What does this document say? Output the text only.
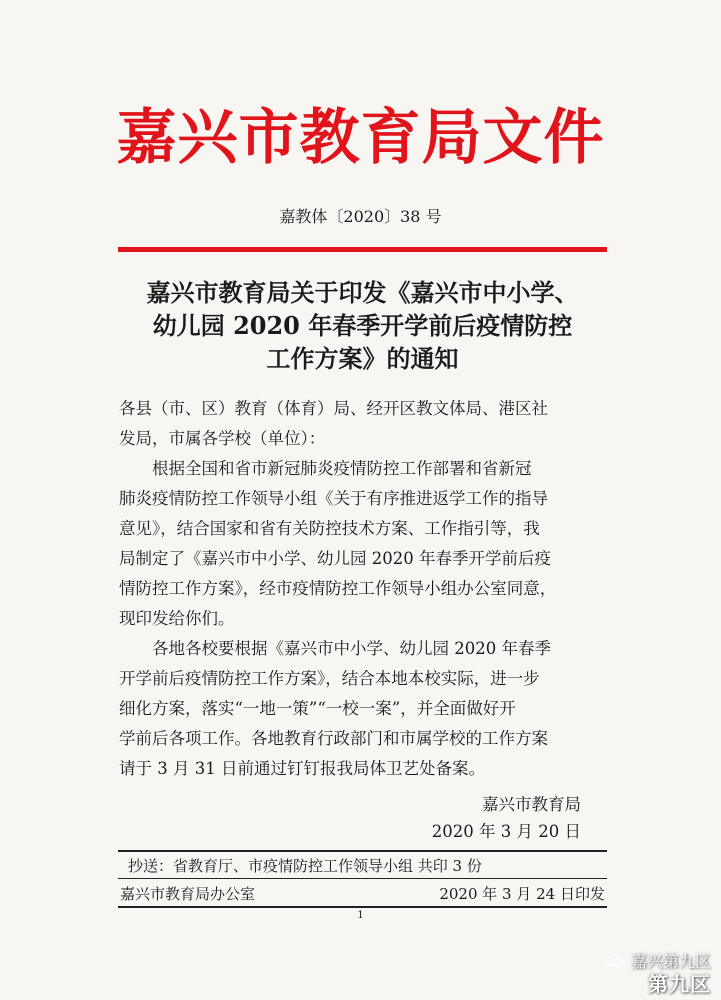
嘉兴市教育局文件
嘉教体〔2020〕38 号
嘉兴市教育局关于印发《嘉兴市中小学、
幼儿园 2020 年春季开学前后疫情防控
工作方案》的通知

各县（市、区）教育（体育）局、经开区教文体局、港区社

发局，市属各学校（单位）：

根据全国和省市新冠肺炎疫情防控工作部署和省新冠

肺炎疫情防控工作领导小组《关于有序推进返学工作的指导

意见》，结合国家和省有关防控技术方案、工作指引等，我

局制定了《嘉兴市中小学、幼儿园 2020 年春季开学前后疫

情防控工作方案》，经市疫情防控工作领导小组办公室同意，

现印发给你们。

各地各校要根据《嘉兴市中小学、幼儿园 2020 年春季

开学前后疫情防控工作方案》，结合本地本校实际，进一步

细化方案，落实“一地一策”“一校一案”，并全面做好开

学前后各项工作。各地教育行政部门和市属学校的工作方案

请于 3 月 31 日前通过钉钉报我局体卫艺处备案。

嘉兴市教育局
2020 年 3 月 20 日
抄送：省教育厅、市疫情防控工作领导小组 共印 3 份
嘉兴市教育局办公室	2020 年 3 月 24 日印发
1
嘉兴第九区
第九区
